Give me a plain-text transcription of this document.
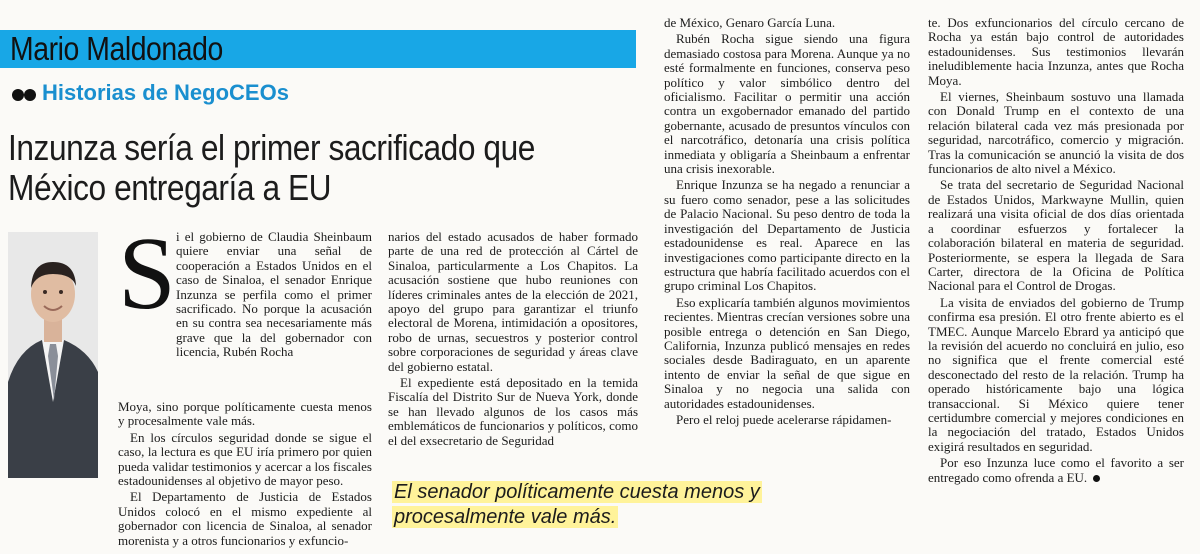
Mario Maldonado
Historias de NegoCEOs
Inzunza sería el primer sacrificado que México entregaría a EU
S i el gobierno de Claudia Sheinbaum quiere enviar una señal de cooperación a Estados Unidos en el caso de Sinaloa, el senador Enrique Inzunza se perfila como el primer sacrificado. No porque la acusación en su contra sea necesariamente más grave que la del gobernador con licencia, Rubén Rocha

Moya, sino porque políticamente cuesta menos y procesalmente vale más.

En los círculos seguridad donde se sigue el caso, la lectura es que EU iría primero por quien pueda validar testimonios y acercar a los fiscales estadounidenses al objetivo de mayor peso.

El Departamento de Justicia de Estados Unidos colocó en el mismo expediente al gobernador con licencia de Sinaloa, al senador morenista y a otros funcionarios y exfuncio-

narios del estado acusados de haber formado parte de una red de protección al Cártel de Sinaloa, particularmente a Los Chapitos. La acusación sostiene que hubo reuniones con líderes criminales antes de la elección de 2021, apoyo del grupo para garantizar el triunfo electoral de Morena, intimidación a opositores, robo de urnas, secuestros y posterior control sobre corporaciones de seguridad y áreas clave del gobierno estatal.

El expediente está depositado en la temida Fiscalía del Distrito Sur de Nueva York, donde se han llevado algunos de los casos más emblemáticos de funcionarios y políticos, como el del exsecretario de Seguridad

de México, Genaro García Luna.

Rubén Rocha sigue siendo una figura demasiado costosa para Morena. Aunque ya no esté formalmente en funciones, conserva peso político y valor simbólico dentro del oficialismo. Facilitar o permitir una acción contra un exgobernador emanado del partido gobernante, acusado de presuntos vínculos con el narcotráfico, detonaría una crisis política inmediata y obligaría a Sheinbaum a enfrentar una crisis inexorable.

Enrique Inzunza se ha negado a renunciar a su fuero como senador, pese a las solicitudes de Palacio Nacional. Su peso dentro de toda la investigación del Departamento de Justicia estadounidense es real. Aparece en las investigaciones como participante directo en la estructura que habría facilitado acuerdos con el grupo criminal Los Chapitos.

Eso explicaría también algunos movimientos recientes. Mientras crecían versiones sobre una posible entrega o detención en San Diego, California, Inzunza publicó mensajes en redes sociales desde Badiraguato, en un aparente intento de enviar la señal de que sigue en Sinaloa y no negocia una salida con autoridades estadounidenses.

Pero el reloj puede acelerarse rápidamen-

te. Dos exfuncionarios del círculo cercano de Rocha ya están bajo control de autoridades estadounidenses. Sus testimonios llevarán ineludiblemente hacia Inzunza, antes que Rocha Moya.

El viernes, Sheinbaum sostuvo una llamada con Donald Trump en el contexto de una relación bilateral cada vez más presionada por seguridad, narcotráfico, comercio y migración. Tras la comunicación se anunció la visita de dos funcionarios de alto nivel a México.

Se trata del secretario de Seguridad Nacional de Estados Unidos, Markwayne Mullin, quien realizará una visita oficial de dos días orientada a coordinar esfuerzos y fortalecer la colaboración bilateral en materia de seguridad. Posteriormente, se espera la llegada de Sara Carter, directora de la Oficina de Política Nacional para el Control de Drogas.

La visita de enviados del gobierno de Trump confirma esa presión. El otro frente abierto es el TMEC. Aunque Marcelo Ebrard ya anticipó que la revisión del acuerdo no concluirá en julio, eso no significa que el frente comercial esté desconectado del resto de la relación. Trump ha operado históricamente bajo una lógica transaccional. Si México quiere tener certidumbre comercial y mejores condiciones en la negociación del tratado, Estados Unidos exigirá resultados en seguridad.

Por eso Inzunza luce como el favorito a ser entregado como ofrenda a EU.

El senador políticamente cuesta menos y
procesalmente vale más.
